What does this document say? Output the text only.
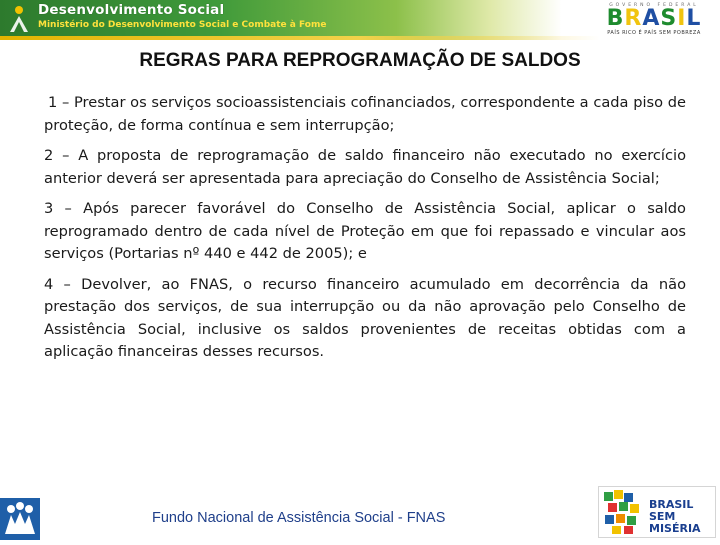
Desenvolvimento Social
Ministério do Desenvolvimento Social e Combate à Fome
GOVERNO FEDERAL
BRASIL
PAÍS RICO É PAÍS SEM POBREZA
REGRAS PARA REPROGRAMAÇÃO DE SALDOS

1 – Prestar os serviços socioassistenciais cofinanciados, correspondente a cada piso de proteção, de forma contínua e sem interrupção;

2 – A proposta de reprogramação de saldo financeiro não executado no exercício anterior deverá ser apresentada para apreciação do Conselho de Assistência Social;

3 – Após parecer favorável do Conselho de Assistência Social, aplicar o saldo reprogramado dentro de cada nível de Proteção em que foi repassado e vincular aos serviços (Portarias nº 440 e 442 de 2005); e

4 – Devolver, ao FNAS, o recurso financeiro acumulado em decorrência da não prestação dos serviços, de sua interrupção ou da não aprovação pelo Conselho de Assistência Social, inclusive os saldos provenientes de receitas obtidas com a aplicação financeiras desses recursos.

Fundo Nacional de Assistência Social - FNAS
BRASIL
SEM
MISÉRIA
